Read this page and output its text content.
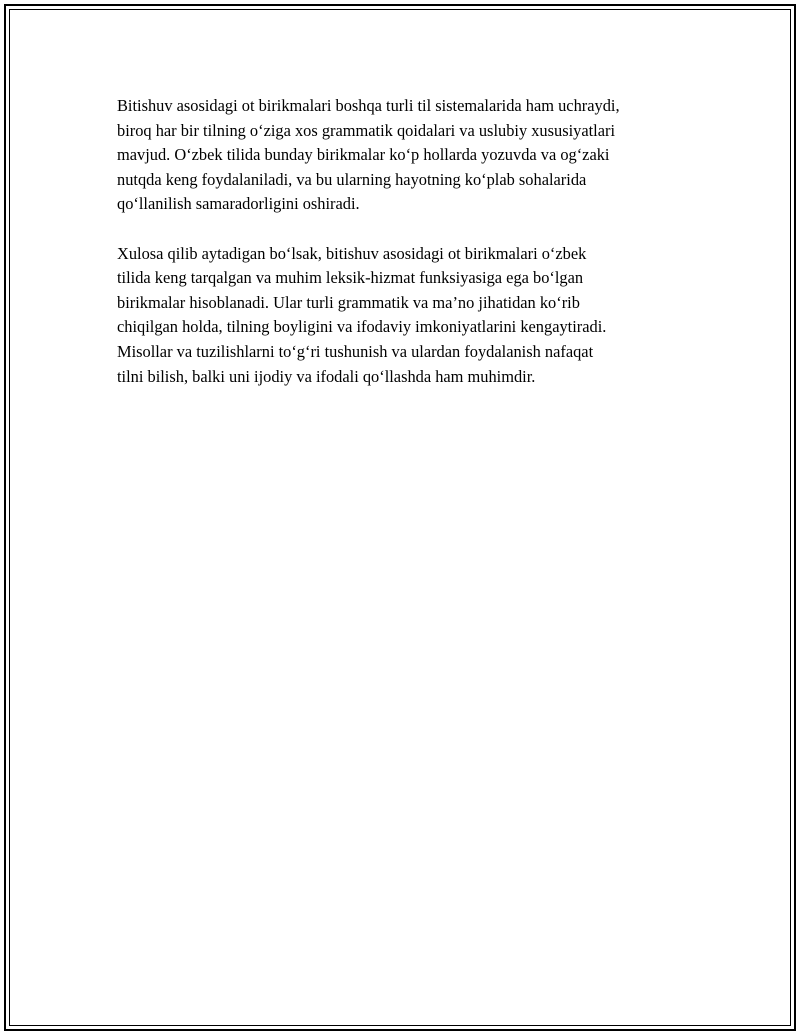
Bitishuv asosidagi ot birikmalari boshqa turli til sistemalarida ham uchraydi,
biroq har bir tilning o‘ziga xos grammatik qoidalari va uslubiy xususiyatlari
mavjud. O‘zbek tilida bunday birikmalar ko‘p hollarda yozuvda va og‘zaki
nutqda keng foydalaniladi, va bu ularning hayotning ko‘plab sohalarida
qo‘llanilish samaradorligini oshiradi.

Xulosa qilib aytadigan bo‘lsak, bitishuv asosidagi ot birikmalari o‘zbek
tilida keng tarqalgan va muhim leksik-hizmat funksiyasiga ega bo‘lgan
birikmalar hisoblanadi. Ular turli grammatik va ma’no jihatidan ko‘rib
chiqilgan holda, tilning boyligini va ifodaviy imkoniyatlarini kengaytiradi.
Misollar va tuzilishlarni to‘g‘ri tushunish va ulardan foydalanish nafaqat
tilni bilish, balki uni ijodiy va ifodali qo‘llashda ham muhimdir.
